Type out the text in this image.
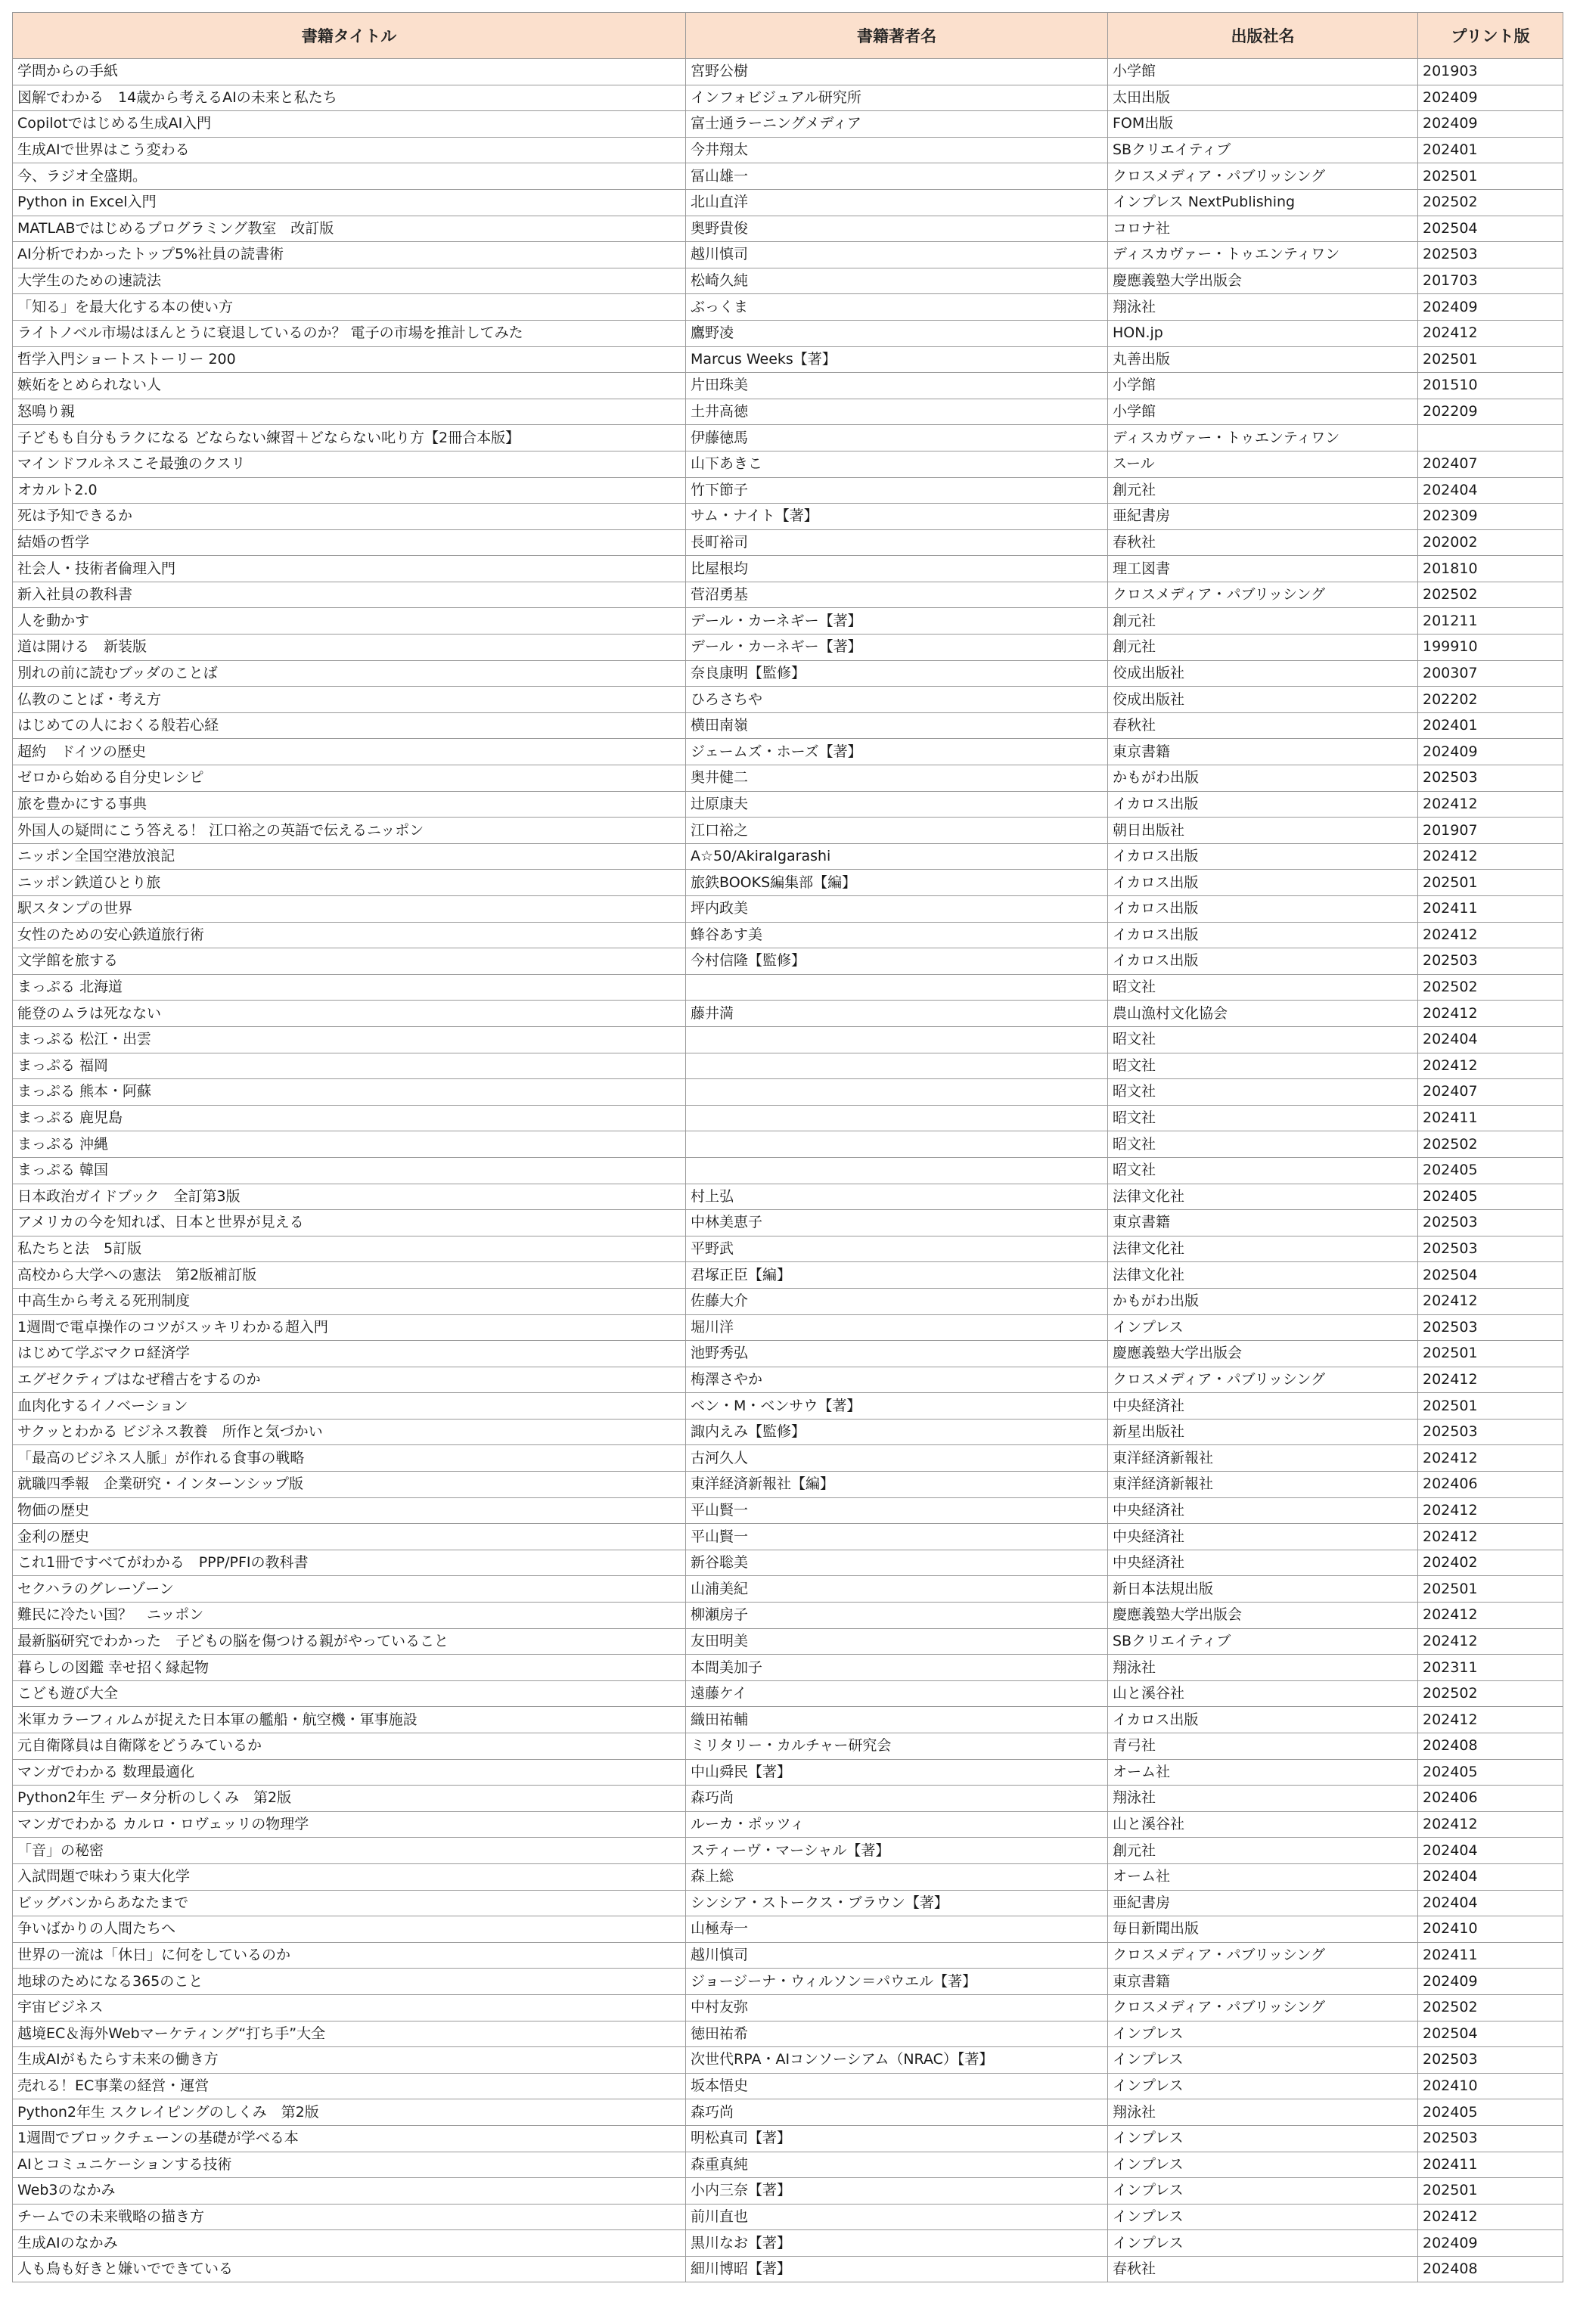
書籍タイトル	書籍著者名	出版社名	プリント版
学問からの手紙	宮野公樹	小学館	201903
図解でわかる　14歳から考えるAIの未来と私たち	インフォビジュアル研究所	太田出版	202409
Copilotではじめる生成AI入門	富士通ラーニングメディア	FOM出版	202409
生成AIで世界はこう変わる	今井翔太	SBクリエイティブ	202401
今、ラジオ全盛期。	冨山雄一	クロスメディア・パブリッシング	202501
Python in Excel入門	北山直洋	インプレス NextPublishing	202502
MATLABではじめるプログラミング教室　改訂版	奥野貴俊	コロナ社	202504
AI分析でわかったトップ5%社員の読書術	越川慎司	ディスカヴァー・トゥエンティワン	202503
大学生のための速読法	松崎久純	慶應義塾大学出版会	201703
「知る」を最大化する本の使い方	ぶっくま	翔泳社	202409
ライトノベル市場はほんとうに衰退しているのか？ 電子の市場を推計してみた	鷹野凌	HON.jp	202412
哲学入門ショートストーリー 200	Marcus Weeks【著】	丸善出版	202501
嫉妬をとめられない人	片田珠美	小学館	201510
怒鳴り親	土井高徳	小学館	202209
子どもも自分もラクになる どならない練習＋どならない叱り方【2冊合本版】	伊藤徳馬	ディスカヴァー・トゥエンティワン	
マインドフルネスこそ最強のクスリ	山下あきこ	スール	202407
オカルト2.0	竹下節子	創元社	202404
死は予知できるか	サム・ナイト【著】	亜紀書房	202309
結婚の哲学	長町裕司	春秋社	202002
社会人・技術者倫理入門	比屋根均	理工図書	201810
新入社員の教科書	菅沼勇基	クロスメディア・パブリッシング	202502
人を動かす	デール・カーネギー【著】	創元社	201211
道は開ける　新装版	デール・カーネギー【著】	創元社	199910
別れの前に読むブッダのことば	奈良康明【監修】	佼成出版社	200307
仏教のことば・考え方	ひろさちや	佼成出版社	202202
はじめての人におくる般若心経	横田南嶺	春秋社	202401
超約　ドイツの歴史	ジェームズ・ホーズ【著】	東京書籍	202409
ゼロから始める自分史レシピ	奥井健二	かもがわ出版	202503
旅を豊かにする事典	辻原康夫	イカロス出版	202412
外国人の疑問にこう答える！ 江口裕之の英語で伝えるニッポン	江口裕之	朝日出版社	201907
ニッポン全国空港放浪記	A☆50/AkiraIgarashi	イカロス出版	202412
ニッポン鉄道ひとり旅	旅鉄BOOKS編集部【編】	イカロス出版	202501
駅スタンプの世界	坪内政美	イカロス出版	202411
女性のための安心鉄道旅行術	蜂谷あす美	イカロス出版	202412
文学館を旅する	今村信隆【監修】	イカロス出版	202503
まっぷる 北海道		昭文社	202502
能登のムラは死なない	藤井満	農山漁村文化協会	202412
まっぷる 松江・出雲		昭文社	202404
まっぷる 福岡		昭文社	202412
まっぷる 熊本・阿蘇		昭文社	202407
まっぷる 鹿児島		昭文社	202411
まっぷる 沖縄		昭文社	202502
まっぷる 韓国		昭文社	202405
日本政治ガイドブック　全訂第3版	村上弘	法律文化社	202405
アメリカの今を知れば、日本と世界が見える	中林美恵子	東京書籍	202503
私たちと法　5訂版	平野武	法律文化社	202503
高校から大学への憲法　第2版補訂版	君塚正臣【編】	法律文化社	202504
中高生から考える死刑制度	佐藤大介	かもがわ出版	202412
1週間で電卓操作のコツがスッキリわかる超入門	堀川洋	インプレス	202503
はじめて学ぶマクロ経済学	池野秀弘	慶應義塾大学出版会	202501
エグゼクティブはなぜ稽古をするのか	梅澤さやか	クロスメディア・パブリッシング	202412
血肉化するイノベーション	ベン・M・ベンサウ【著】	中央経済社	202501
サクッとわかる ビジネス教養　所作と気づかい	諏内えみ【監修】	新星出版社	202503
「最高のビジネス人脈」が作れる食事の戦略	古河久人	東洋経済新報社	202412
就職四季報　企業研究・インターンシップ版	東洋経済新報社【編】	東洋経済新報社	202406
物価の歴史	平山賢一	中央経済社	202412
金利の歴史	平山賢一	中央経済社	202412
これ1冊ですべてがわかる　PPP/PFIの教科書	新谷聡美	中央経済社	202402
セクハラのグレーゾーン	山浦美紀	新日本法規出版	202501
難民に冷たい国？　ニッポン	柳瀬房子	慶應義塾大学出版会	202412
最新脳研究でわかった　子どもの脳を傷つける親がやっていること	友田明美	SBクリエイティブ	202412
暮らしの図鑑 幸せ招く縁起物	本間美加子	翔泳社	202311
こども遊び大全	遠藤ケイ	山と溪谷社	202502
米軍カラーフィルムが捉えた日本軍の艦船・航空機・軍事施設	織田祐輔	イカロス出版	202412
元自衛隊員は自衛隊をどうみているか	ミリタリー・カルチャー研究会	青弓社	202408
マンガでわかる 数理最適化	中山舜民【著】	オーム社	202405
Python2年生 データ分析のしくみ　第2版	森巧尚	翔泳社	202406
マンガでわかる カルロ・ロヴェッリの物理学	ルーカ・ポッツィ	山と溪谷社	202412
「音」の秘密	スティーヴ・マーシャル【著】	創元社	202404
入試問題で味わう東大化学	森上総	オーム社	202404
ビッグバンからあなたまで	シンシア・ストークス・ブラウン【著】	亜紀書房	202404
争いばかりの人間たちへ	山極寿一	毎日新聞出版	202410
世界の一流は「休日」に何をしているのか	越川慎司	クロスメディア・パブリッシング	202411
地球のためになる365のこと	ジョージーナ・ウィルソン＝パウエル【著】	東京書籍	202409
宇宙ビジネス	中村友弥	クロスメディア・パブリッシング	202502
越境EC＆海外Webマーケティング“打ち手”大全	徳田祐希	インプレス	202504
生成AIがもたらす未来の働き方	次世代RPA・AIコンソーシアム（NRAC）【著】	インプレス	202503
売れる！EC事業の経営・運営	坂本悟史	インプレス	202410
Python2年生 スクレイピングのしくみ　第2版	森巧尚	翔泳社	202405
1週間でブロックチェーンの基礎が学べる本	明松真司【著】	インプレス	202503
AIとコミュニケーションする技術	森重真純	インプレス	202411
Web3のなかみ	小内三奈【著】	インプレス	202501
チームでの未来戦略の描き方	前川直也	インプレス	202412
生成AIのなかみ	黒川なお【著】	インプレス	202409
人も鳥も好きと嫌いでできている	細川博昭【著】	春秋社	202408
